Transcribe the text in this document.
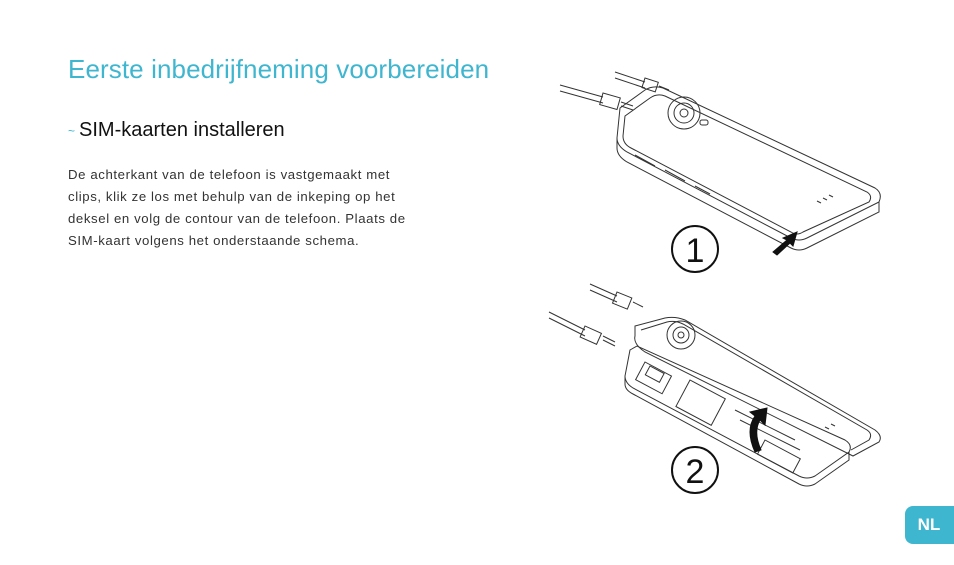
Eerste inbedrijfneming voorbereiden
~ SIM-kaarten installeren

De achterkant van de telefoon is vastgemaakt met
clips, klik ze los met behulp van de inkeping op het
deksel en volg de contour van de telefoon. Plaats de
SIM-kaart volgens het onderstaande schema.	1
2
NL
